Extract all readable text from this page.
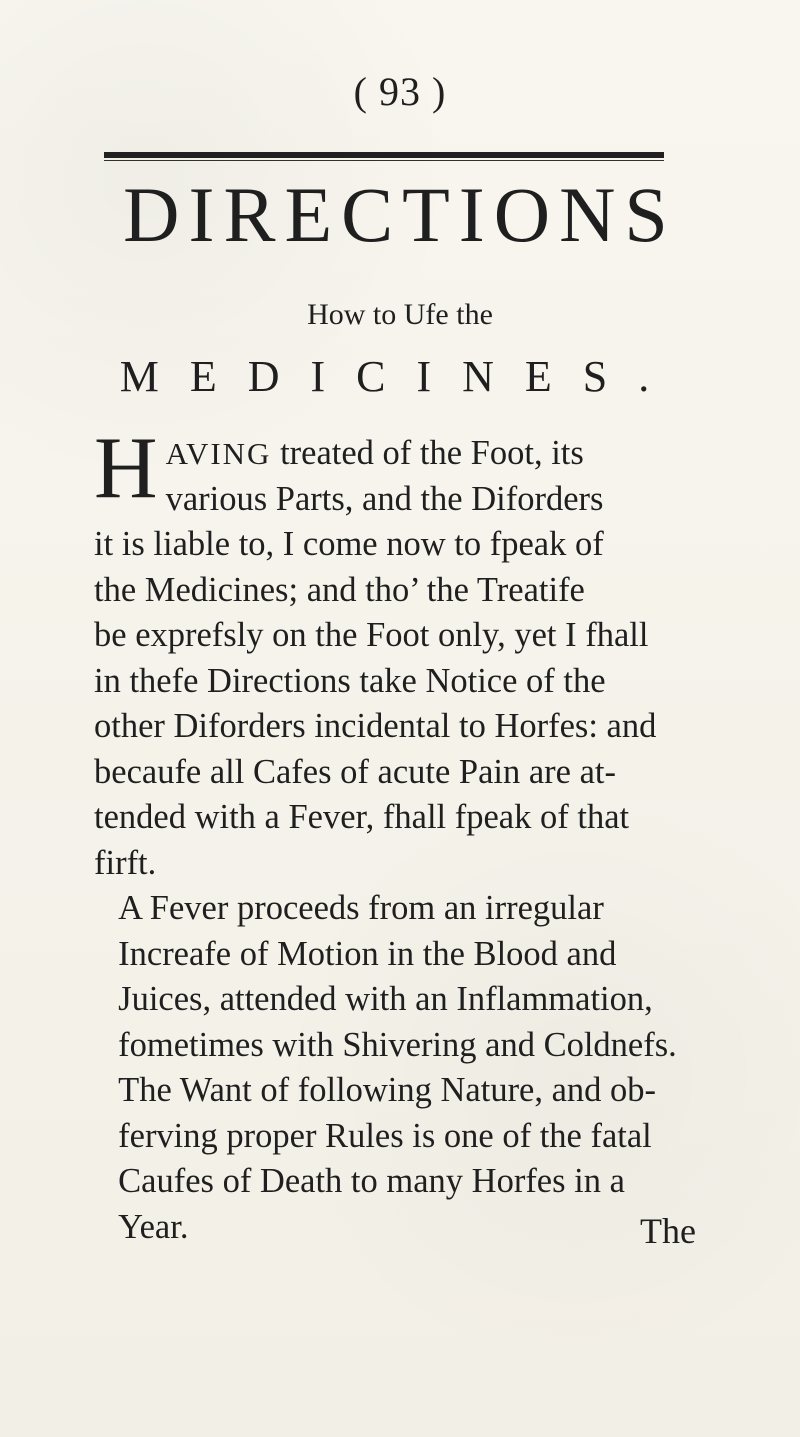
( 93 )
DIRECTIONS
How to Ufe the
MEDICINES.
H AVING treated of the Foot, its
various Parts, and the Diforders
it is liable to, I come now to fpeak of
the Medicines; and tho’ the Treatife
be exprefsly on the Foot only, yet I fhall
in thefe Directions take Notice of the
other Diforders incidental to Horfes: and
becaufe all Cafes of acute Pain are at-
tended with a Fever, fhall fpeak of that
firft.
A Fever proceeds from an irregular
Increafe of Motion in the Blood and
Juices, attended with an Inflammation,
fometimes with Shivering and Coldnefs.
The Want of following Nature, and ob-
ferving proper Rules is one of the fatal
Caufes of Death to many Horfes in a
Year.	The
